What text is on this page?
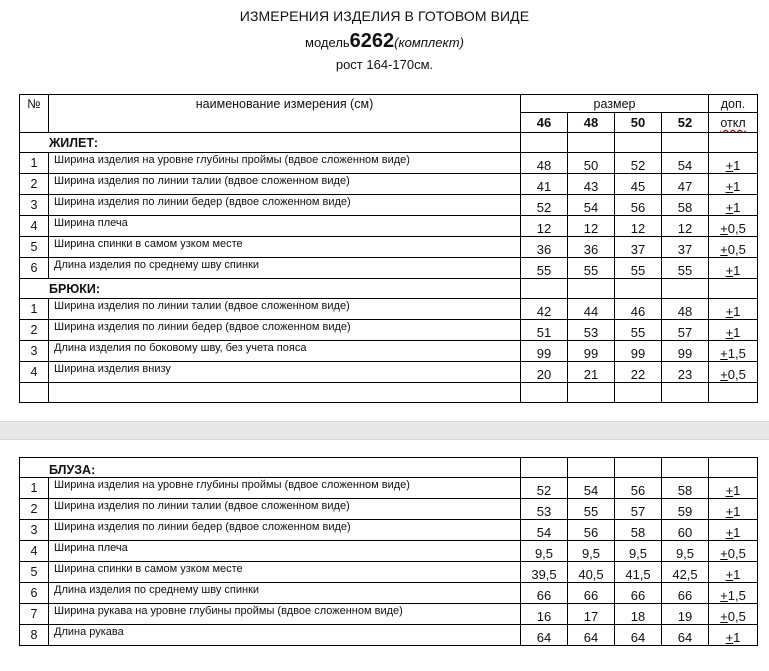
ИЗМЕРЕНИЯ ИЗДЕЛИЯ В ГОТОВОМ ВИДЕ
модель6262(комплект)
рост 164-170см.
№	наименование измерения (см)	размер				доп.
		46	48	50	52	откл
ЖИЛЕТ:						
1	Ширина изделия на уровне глубины проймы (вдвое сложенном виде)	48	50	52	54	+1
2	Ширина изделия по линии талии (вдвое сложенном виде)	41	43	45	47	+1
3	Ширина изделия по линии бедер (вдвое сложенном виде)	52	54	56	58	+1
4	Ширина плеча	12	12	12	12	+0,5
5	Ширина спинки в самом узком месте	36	36	37	37	+0,5
6	Длина изделия по среднему шву спинки	55	55	55	55	+1
БРЮКИ:						
1	Ширина изделия по линии талии (вдвое сложенном виде)	42	44	46	48	+1
2	Ширина изделия по линии бедер (вдвое сложенном виде)	51	53	55	57	+1
3	Длина изделия по боковому шву, без учета пояса	99	99	99	99	+1,5
4	Ширина изделия внизу	20	21	22	23	+0,5

БЛУЗА:						
1	Ширина изделия на уровне глубины проймы (вдвое сложенном виде)	52	54	56	58	+1
2	Ширина изделия по линии талии (вдвое сложенном виде)	53	55	57	59	+1
3	Ширина изделия по линии бедер (вдвое сложенном виде)	54	56	58	60	+1
4	Ширина плеча	9,5	9,5	9,5	9,5	+0,5
5	Ширина спинки в самом узком месте	39,5	40,5	41,5	42,5	+1
6	Длина изделия по среднему шву спинки	66	66	66	66	+1,5
7	Ширина рукава на уровне глубины проймы (вдвое сложенном виде)	16	17	18	19	+0,5
8	Длина рукава	64	64	64	64	+1
